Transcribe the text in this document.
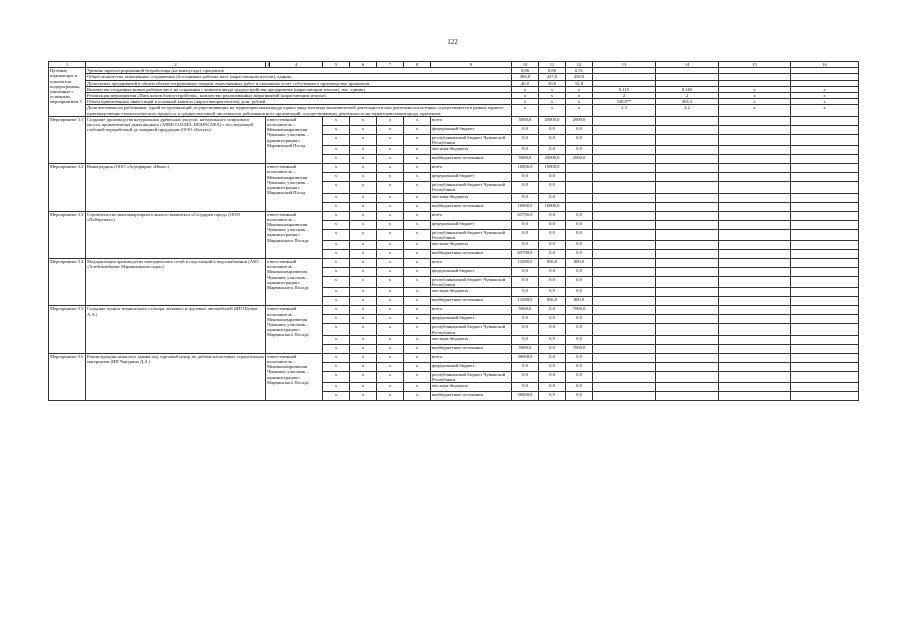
122
1	2	3	4	5	6	7	8	9	10	11	12	13	14	15	16	
Целевые индикаторы и показатели подпрограммы, увязанные с основным мероприятием 3	Уровень зарегистрированной безработицы (на конец года), процентов								0,86	0,80	0,51						
	Общее количество замещенных создаваемых (постоянных рабочих мест (нарастающим итогом), единиц								369,0	427,0	458,0						
	Доля малых предприятий в общем объеме отгруженных товаров, выполненных работ и оказанных услуг собственного производства, процентов								46,0	50,0	52,8						
	Количество созданных новых рабочих мест на основании с момента ввода трудоустройства предприятия (нарастающим итогом), тыс. единиц								x	x	x	0,115	0,165	x	x		
	Реализация мероприятия «Пять шагов благоустройства», количество реализованных мероприятий (нарастающим итогом)								x	x	x	2	2	x	x		
	Объем привлеченных инвестиций в основной капитал (нарастающим итогом), млн. рублей								x	x	x	330,0**	494,3	x	x		
	Доля численности работников, одной из организаций, осуществляющих на территории моногорода одного вида или вида экономической деятельности или деятельности которых осуществляется в рамках единого производственно-технологического процесса, к среднесписочной численности работников всех организаций, осуществляющих деятельность на территории моногорода, процентов								x	x	x	2,3	2,2	x	x		
Мероприятие 3.1	Создание производства натуральных древесных уксусов, натурального спиртового уксуса, ароматизатора дыма жидкого (ARMCOACHA, RESINCNEA) с последующей глубокой переработкой до товарной продукции (ООО «Битум»)	ответственный исполнитель – Минэкономразвития Чувашии; участник – администрация г. Мариинский Посад		x	x	x	x	всего	5000,0	45000,0	2000,0					
				x	x	x	x	федеральный бюджет	0,0	0,0	0,0					
				x	x	x	x	республиканский бюджет Чувашской Республики	0,0	0,0	0,0					
				x	x	x	x	местные бюджеты	0,0	0,0	0,0					
				x	x	x	x	внебюджетные источники	5000,0	45000,0	2000,0					
Мероприятие 3.2	Виноградник (ООО «Агрофирма «Ивно»)	ответственный исполнитель – Минэкономразвития Чувашии; участник – администрация г. Мариинский Посад		x	x	x	x	всего	10000,0	10000,0						
				x	x	x	x	федеральный бюджет	0,0	0,0						
				x	x	x	x	республиканский бюджет Чувашской Республики	0,0	0,0						
				x	x	x	x	местные бюджеты	0,0	0,0						
				x	x	x	x	внебюджетные источники	10000,0	10000,0						
Мероприятие 3.3	Строительство многоквартирного жилого комплекса «Государев город» (ООО «Побережье»)	ответственный исполнитель – Минэкономразвития Чувашии; участник – администрация г. Мариинского Посада		x	x	x	x	всего	65780,0	0,0	0,0					
				x	x	x	x	федеральный бюджет	0,0	0,0	0,0					
				x	x	x	x	республиканский бюджет Чувашской Республики	0,0	0,0	0,0					
				x	x	x	x	местные бюджеты	0,0	0,0	0,0					
				x	x	x	x	внебюджетные источники	65780,0	0,0	0,0					
Мероприятие 3.4	Модернизация производства электрических сетей и подстанций в водоснабжении (АЗО «Хлебокомбинат Мариинскиепосады»)	ответственный исполнитель – Минэкономразвития Чувашии; участник – администрация г. Мариинского Посада		x	x	x	x	всего	13580,0	856,0	800,0					
				x	x	x	x	федеральный бюджет	0,0	0,0	0,0					
				x	x	x	x	республиканский бюджет Чувашской Республики	0,0	0,0	0,0					
				x	x	x	x	местные бюджеты	0,0	0,0	0,0					
				x	x	x	x	внебюджетные источники	13580,0	856,0	800,0					
Мероприятие 3.5	Создание пункта технического осмотра легковых и грузовых автомобилей (ИП Шумов А.А.)	ответственный исполнитель – Минэкономразвития Чувашии; участник – администрация г. Мариинского Посада		x	x	x	x	всего	5000,0	0,0	7000,0					
				x	x	x	x	федеральный бюджет	0,0	0,0	0,0					
				x	x	x	x	республиканский бюджет Чувашской Республики	0,0	0,0	0,0					
				x	x	x	x	местные бюджеты	0,0	0,0	0,0					
				x	x	x	x	внебюджетные источники	5000,0	0,0	7000,0					
Мероприятие 3.6	Реконструкция нежилого здания под торговый центр по добыче нечастевых строительных материалов (ИП Чапурина Д.А.)	ответственный исполнитель – Минэкономразвития Чувашии; участник – администрация г. Мариинского Посада		x	x	x	x	всего	30000,0	0,0	0,0					
				x	x	x	x	федеральный бюджет	0,0	0,0	0,0					
				x	x	x	x	республиканский бюджет Чувашской Республики	0,0	0,0	0,0					
				x	x	x	x	местные бюджеты	0,0	0,0	0,0					
				x	x	x	x	внебюджетные источники	30000,0	0,0	0,0					
